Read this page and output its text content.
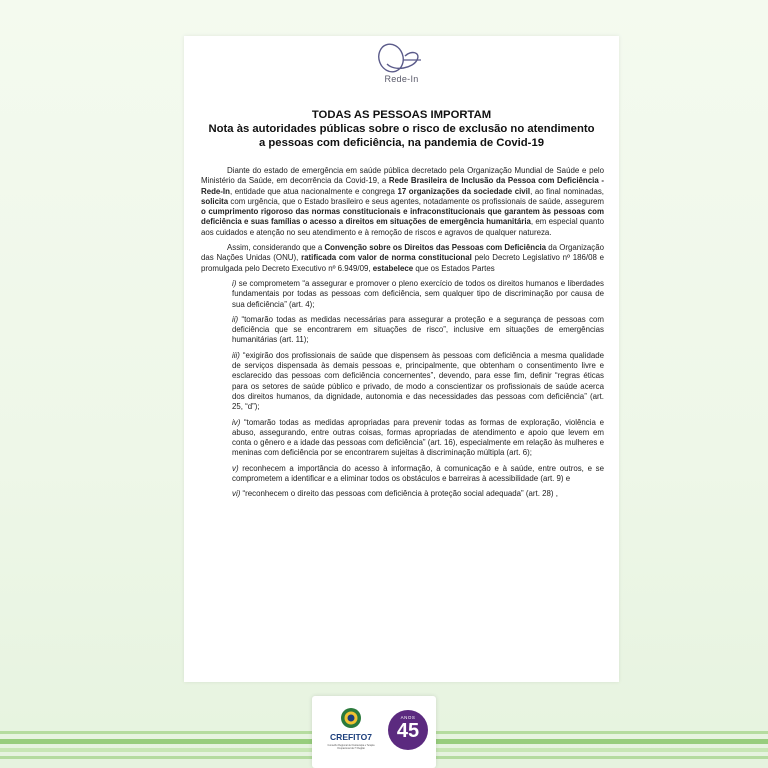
Rede-In
TODAS AS PESSOAS IMPORTAM
Nota às autoridades públicas sobre o risco de exclusão no atendimento
a pessoas com deficiência, na pandemia de Covid-19

Diante do estado de emergência em saúde pública decretado pela Organização Mundial de Saúde e pelo Ministério da Saúde, em decorrência da Covid-19, a Rede Brasileira de Inclusão da Pessoa com Deficiência - Rede-In, entidade que atua nacionalmente e congrega 17 organizações da sociedade civil, ao final nominadas, solicita com urgência, que o Estado brasileiro e seus agentes, notadamente os profissionais de saúde, assegurem o cumprimento rigoroso das normas constitucionais e infraconstitucionais que garantem às pessoas com deficiência e suas famílias o acesso a direitos em situações de emergência humanitária, em especial quanto aos cuidados e atenção no seu atendimento e à remoção de riscos e agravos de qualquer natureza.

Assim, considerando que a Convenção sobre os Direitos das Pessoas com Deficiência da Organização das Nações Unidas (ONU), ratificada com valor de norma constitucional pelo Decreto Legislativo nº 186/08 e promulgada pelo Decreto Executivo nº 6.949/09, estabelece que os Estados Partes

i) se comprometem “a assegurar e promover o pleno exercício de todos os direitos humanos e liberdades fundamentais por todas as pessoas com deficiência, sem qualquer tipo de discriminação por causa de sua deficiência” (art. 4);

ii) “tomarão todas as medidas necessárias para assegurar a proteção e a segurança de pessoas com deficiência que se encontrarem em situações de risco”, inclusive em situações de emergências humanitárias (art. 11);

iii) “exigirão dos profissionais de saúde que dispensem às pessoas com deficiência a mesma qualidade de serviços dispensada às demais pessoas e, principalmente, que obtenham o consentimento livre e esclarecido das pessoas com deficiência concernentes”, devendo, para esse fim, definir “regras éticas para os setores de saúde público e privado, de modo a conscientizar os profissionais de saúde acerca dos direitos humanos, da dignidade, autonomia e das necessidades das pessoas com deficiência” (art. 25, “d”);

iv) “tomarão todas as medidas apropriadas para prevenir todas as formas de exploração, violência e abuso, assegurando, entre outras coisas, formas apropriadas de atendimento e apoio que levem em conta o gênero e a idade das pessoas com deficiência” (art. 16), especialmente em relação às mulheres e meninas com deficiência por se encontrarem sujeitas à discriminação múltipla (art. 6);

v) reconhecem a importância do acesso à informação, à comunicação e à saúde, entre outros, e se comprometem a identificar e a eliminar todos os obstáculos e barreiras à acessibilidade (art. 9) e

vi) “reconhecem o direito das pessoas com deficiência à proteção social adequada” (art. 28) ,

CREFITO7
Conselho Regional de Fisioterapia e Terapia Ocupacional da 7ª Região
ANOS
45
